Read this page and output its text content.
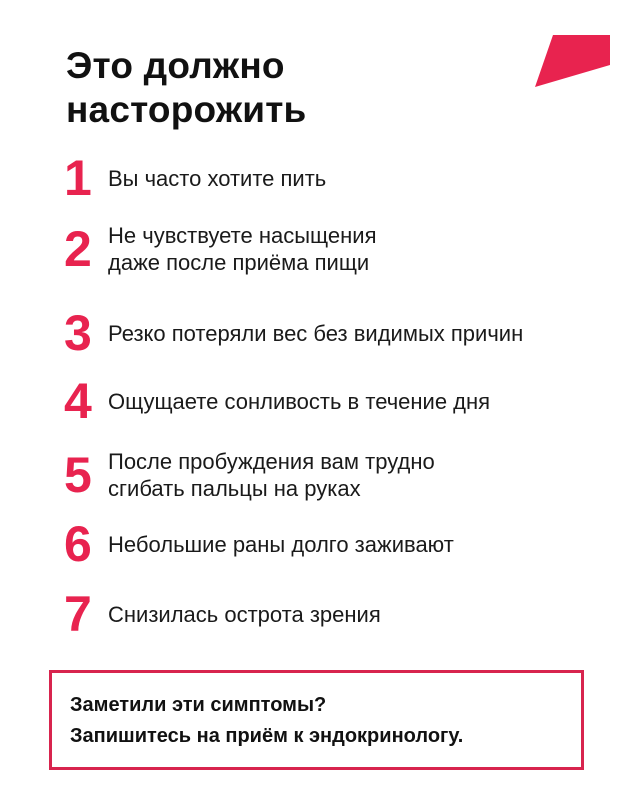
Это должно
насторожить
1 Вы часто хотите пить
2 Не чувствуете насыщения
даже после приёма пищи
3 Резко потеряли вес без видимых причин
4 Ощущаете сонливость в течение дня
5 После пробуждения вам трудно
сгибать пальцы на руках
6 Небольшие раны долго заживают
7 Снизилась острота зрения
Заметили эти симптомы?
Запишитесь на приём к эндокринологу.
